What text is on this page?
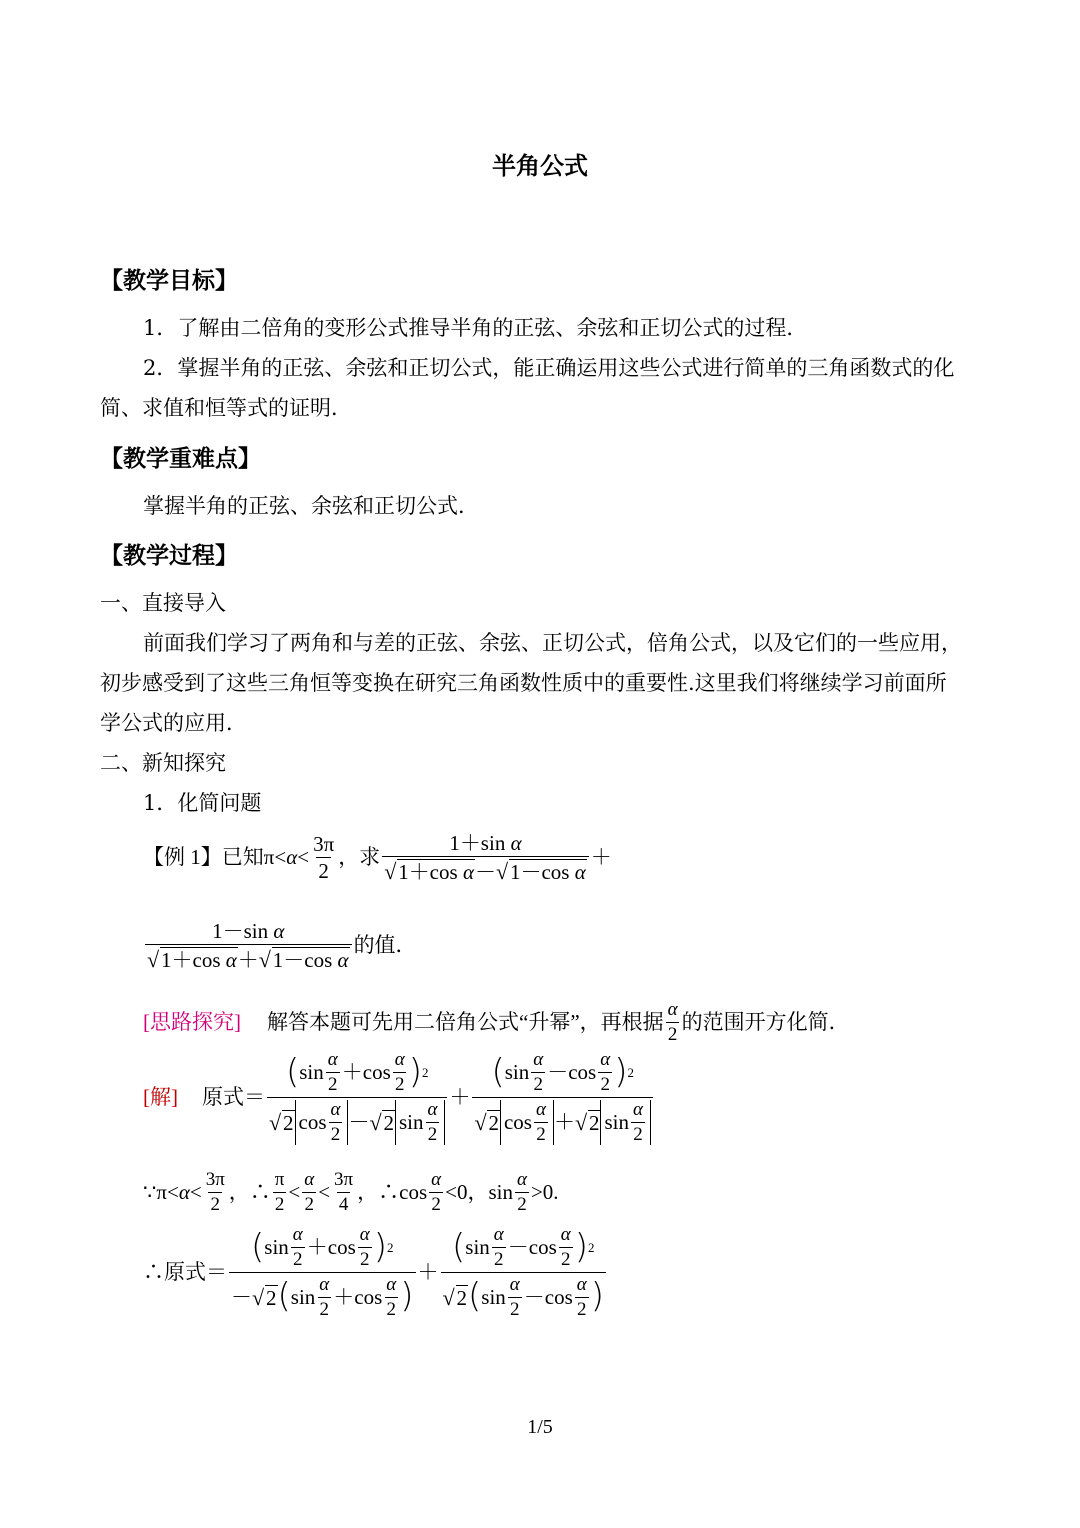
半角公式
【教学目标】
1．了解由二倍角的变形公式推导半角的正弦、余弦和正切公式的过程．
2．掌握半角的正弦、余弦和正切公式，能正确运用这些公式进行简单的三角函数式的化
简、求值和恒等式的证明．
【教学重难点】
掌握半角的正弦、余弦和正切公式．
【教学过程】
一、直接导入
前面我们学习了两角和与差的正弦、余弦、正切公式，倍角公式，以及它们的一些应用，
初步感受到了这些三角恒等变换在研究三角函数性质中的重要性.这里我们将继续学习前面所
学公式的应用．
二、新知探究
1．化简问题
【例 1】已知 $\pi<\alpha< \frac{3\pi}{2}$ ，求 1＋sin α
√ 1＋cos α－√ 1－cos α ＋
1－sin α
√ 1＋cos α＋√ 1－cos α 的值．
[思路探究] 解答本题可先用二倍角公式“升幂”，再根据 $\frac{\alpha}{2}$ 的范围开方化简．
[解] 原式＝ ( $\sin \frac{\alpha}{2} +\cos \frac{\alpha}{2}$ ) 2
√ 2 $\cos \frac{\alpha}{2}$ －
√ 2 $\sin \frac{\alpha}{2}$ ＋ ( $\sin \frac{\alpha}{2} -\cos \frac{\alpha}{2}$ ) 2
√ 2 $\cos \frac{\alpha}{2}$ ＋
√ 2 $\sin \frac{\alpha}{2}$
∵π<α< $\frac{3\pi}{2}$ ，∴ $\frac{\pi}{2} < \frac{\alpha}{2} < \frac{3\pi}{4}$ ，∴cos $\frac{\alpha}{2} <0$，$\sin \frac{\alpha}{2} >0$.
∴原式＝ ( $\sin \frac{\alpha}{2} +\cos \frac{\alpha}{2}$ ) 2
－
√ 2 ( $\sin \frac{\alpha}{2} +\cos \frac{\alpha}{2}$ ) ＋ ( $\sin \frac{\alpha}{2} -\cos \frac{\alpha}{2}$ ) 2
√ 2 ( $\sin \frac{\alpha}{2} -\cos \frac{\alpha}{2}$ )
1/5
